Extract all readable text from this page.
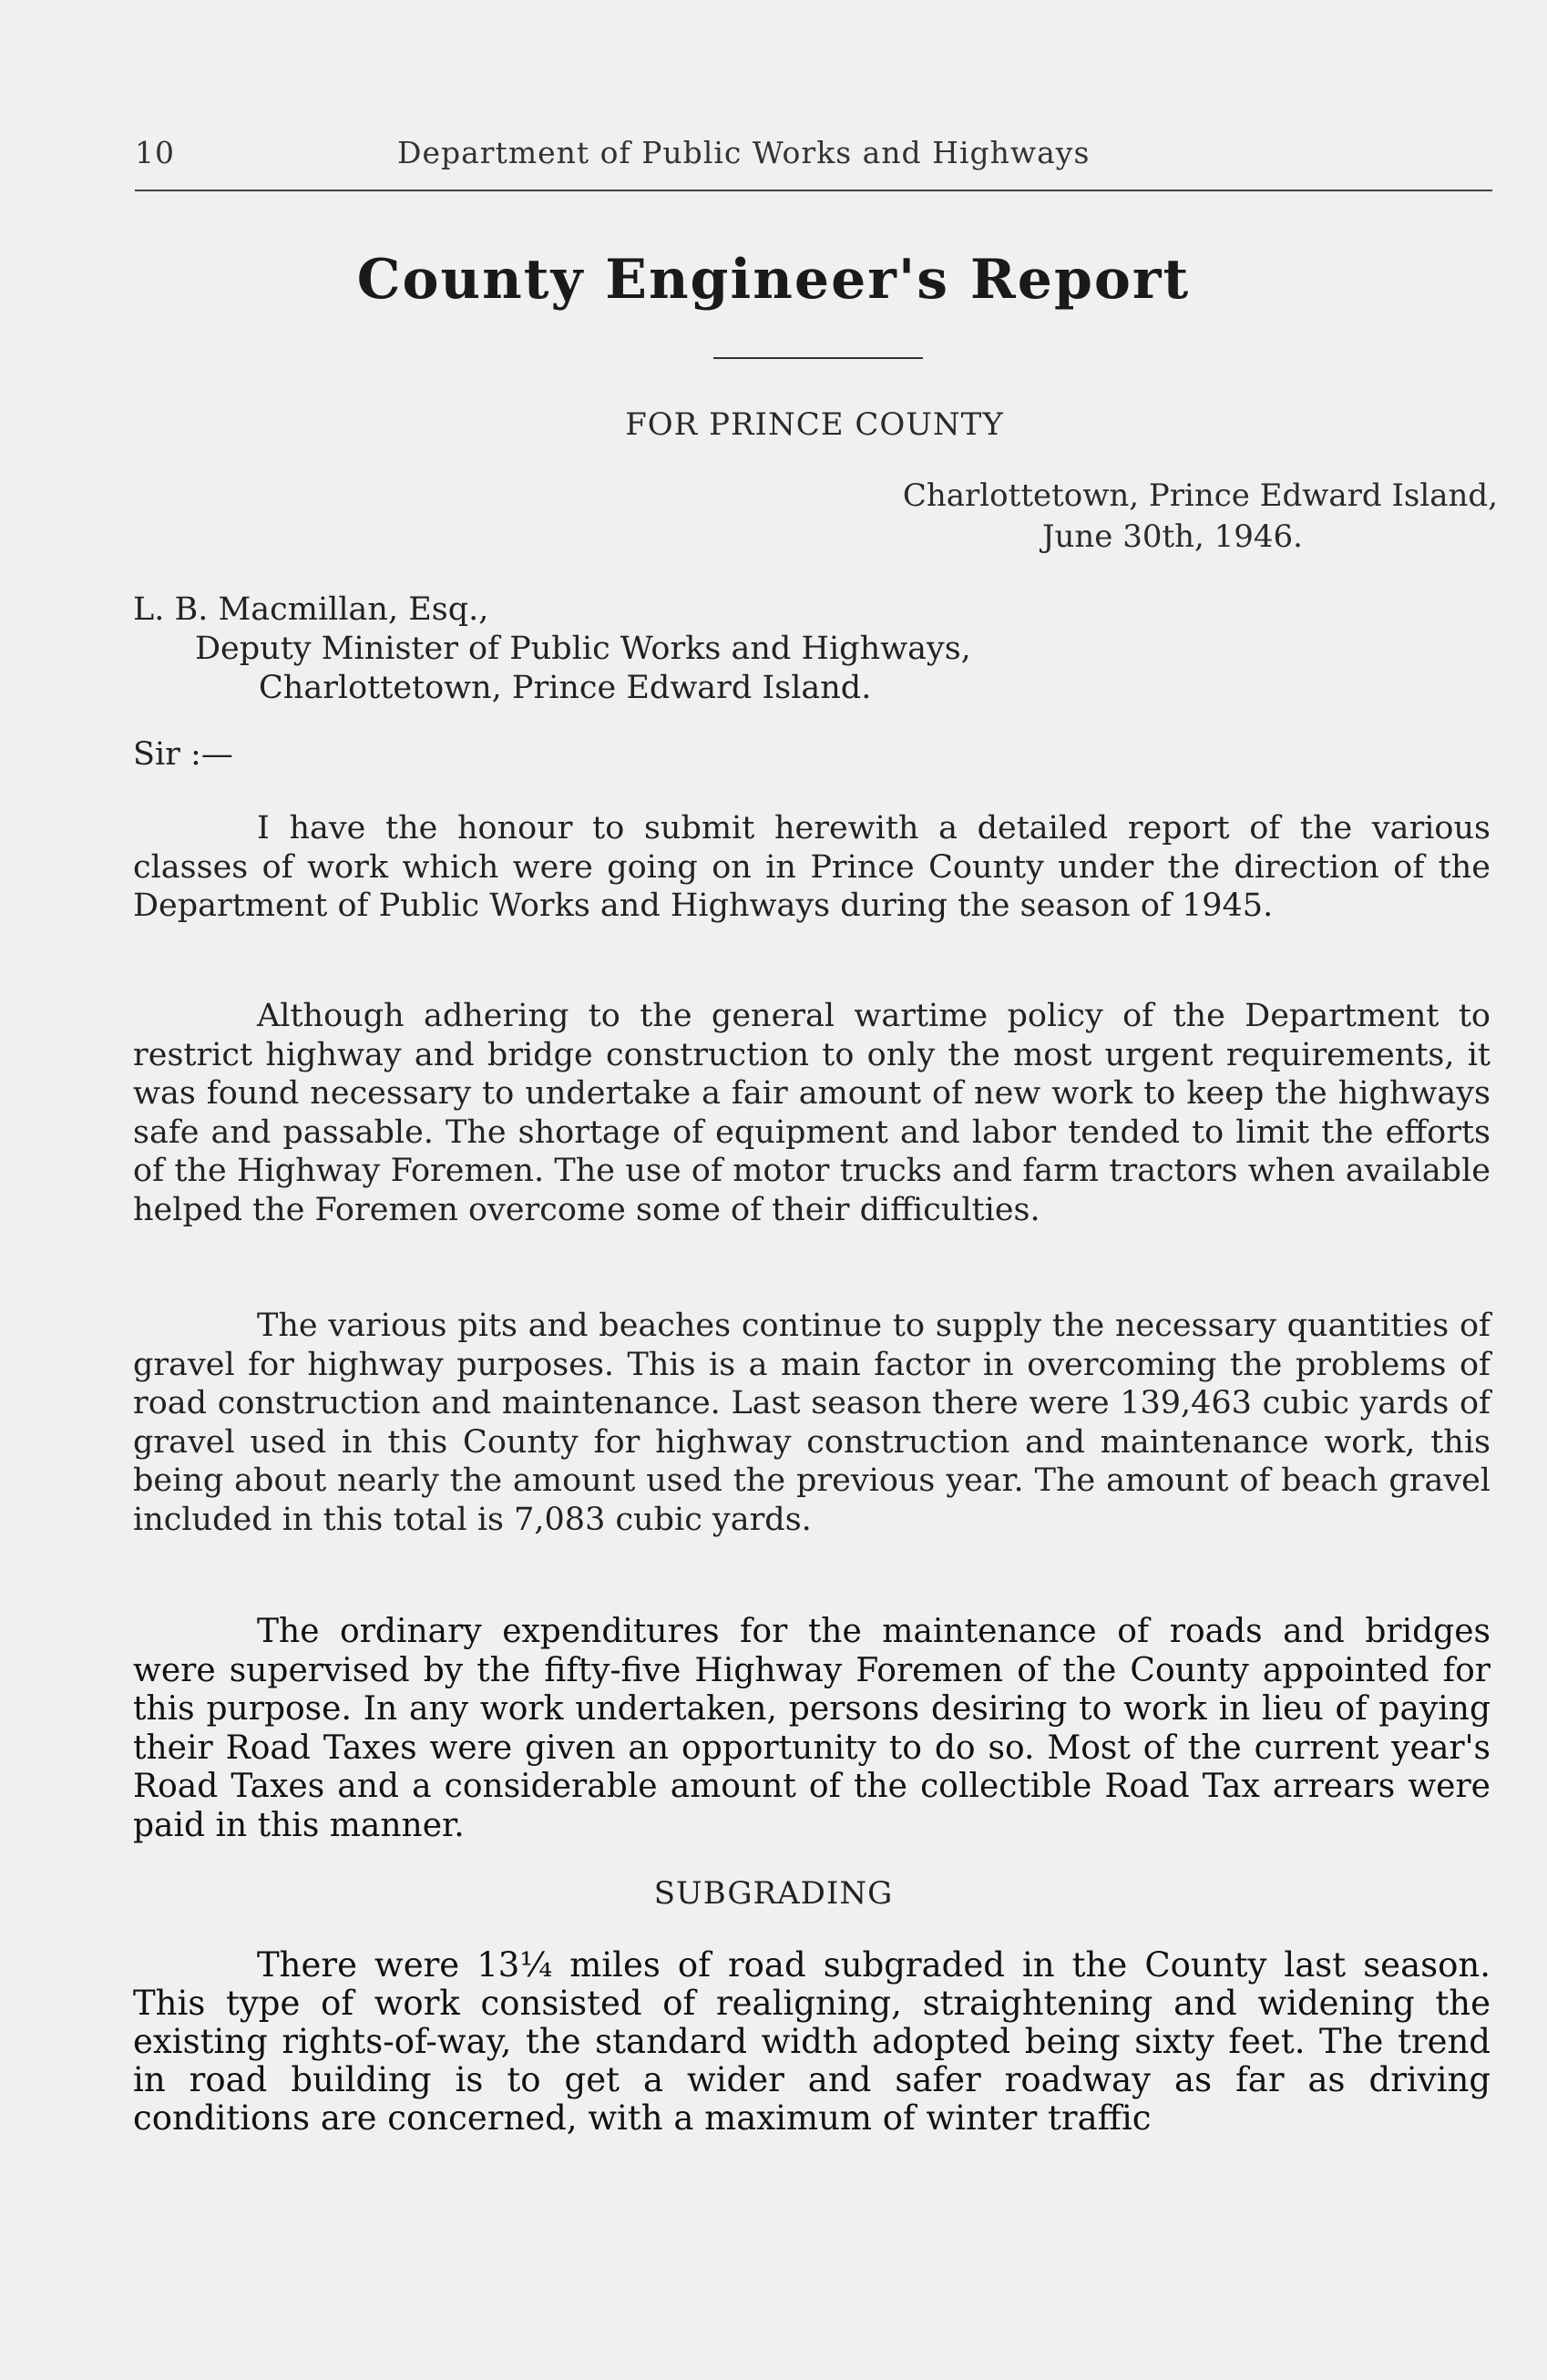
10	Department of Public Works and Highways
County Engineer's Report
FOR PRINCE COUNTY
Charlottetown, Prince Edward Island,
June 30th, 1946.
L. B. Macmillan, Esq.,
Deputy Minister of Public Works and Highways,
Charlottetown, Prince Edward Island.
Sir :—

I have the honour to submit herewith a detailed report of the various classes of work which were going on in Prince County under the direction of the Department of Public Works and Highways during the season of 1945.

Although adhering to the general wartime policy of the Department to restrict highway and bridge construction to only the most urgent requirements, it was found necessary to undertake a fair amount of new work to keep the highways safe and passable. The shortage of equipment and labor tended to limit the efforts of the Highway Foremen. The use of motor trucks and farm tractors when available helped the Foremen overcome some of their difficulties.

The various pits and beaches continue to supply the necessary quantities of gravel for highway purposes. This is a main factor in overcoming the problems of road construction and maintenance. Last season there were 139,463 cubic yards of gravel used in this County for highway construction and maintenance work, this being about nearly the amount used the previous year. The amount of beach gravel included in this total is 7,083 cubic yards.

The ordinary expenditures for the maintenance of roads and bridges were supervised by the fifty-five Highway Foremen of the County appointed for this purpose. In any work undertaken, persons desiring to work in lieu of paying their Road Taxes were given an opportunity to do so. Most of the current year's Road Taxes and a considerable amount of the collectible Road Tax arrears were paid in this manner.

SUBGRADING

There were 13¼ miles of road subgraded in the County last season. This type of work consisted of realigning, straightening and widening the existing rights-of-way, the standard width adopted being sixty feet. The trend in road building is to get a wider and safer roadway as far as driving conditions are concerned, with a maximum of winter traffic
